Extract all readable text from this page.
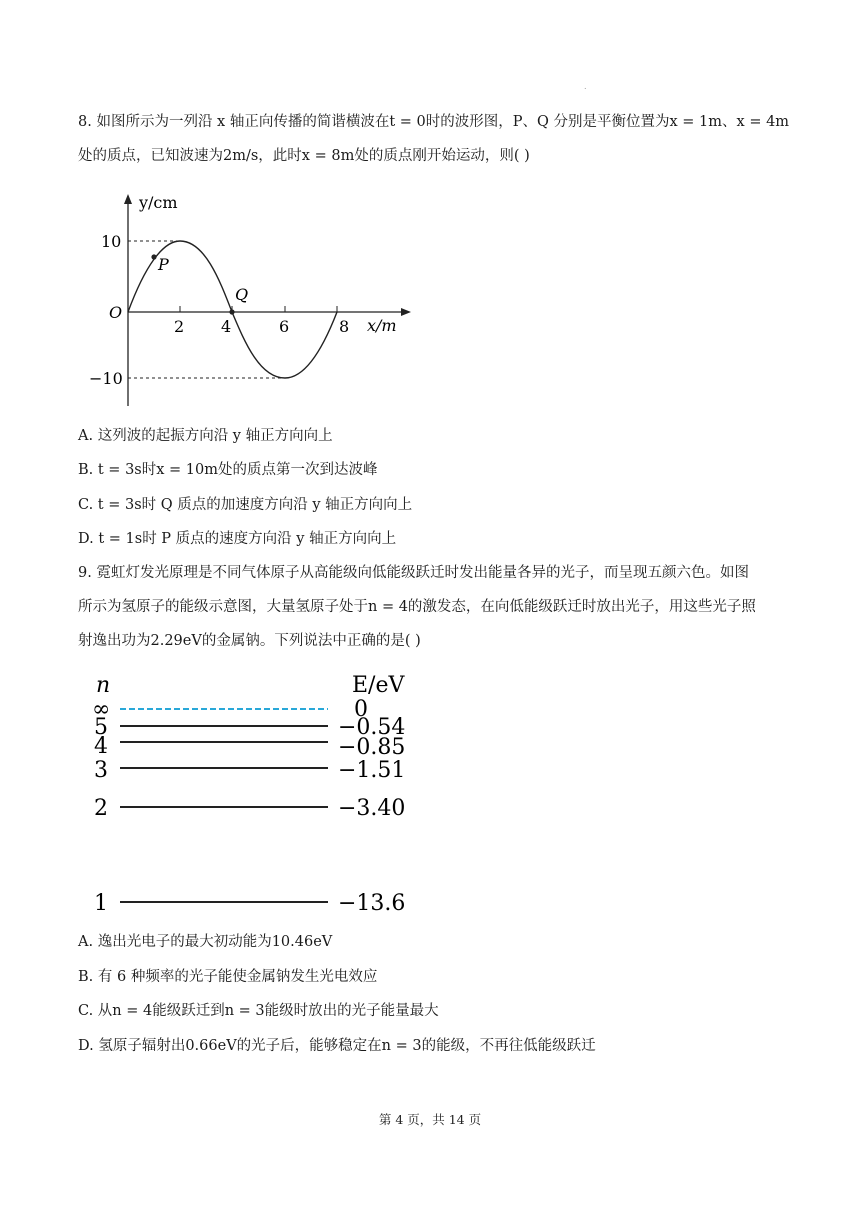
.
8. 如图所示为一列沿 x 轴正向传播的简谐横波在t = 0时的波形图，P、Q 分别是平衡位置为x = 1m、x = 4m
处的质点，已知波速为2m/s，此时x = 8m处的质点刚开始运动，则( )
y/cm
x/m
O
2 4	6	8
10
−10
P
Q
A. 这列波的起振方向沿 y 轴正方向向上
B. t = 3s时x = 10m处的质点第一次到达波峰
C. t = 3s时 Q 质点的加速度方向沿 y 轴正方向向上
D. t = 1s时 P 质点的速度方向沿 y 轴正方向向上
9. 霓虹灯发光原理是不同气体原子从高能级向低能级跃迁时发出能量各异的光子，而呈现五颜六色。如图
所示为氢原子的能级示意图，大量氢原子处于n = 4的激发态，在向低能级跃迁时放出光子，用这些光子照
射逸出功为2.29eV的金属钠。下列说法中正确的是( )
n	E/eV
∞	0
5	−0.54
4	−0.85
3	−1.51
2	−3.40
1	−13.6
A. 逸出光电子的最大初动能为10.46eV
B. 有 6 种频率的光子能使金属钠发生光电效应
C. 从n = 4能级跃迁到n = 3能级时放出的光子能量最大
D. 氢原子辐射出0.66eV的光子后，能够稳定在n = 3的能级，不再往低能级跃迁
第 4 页，共 14 页
